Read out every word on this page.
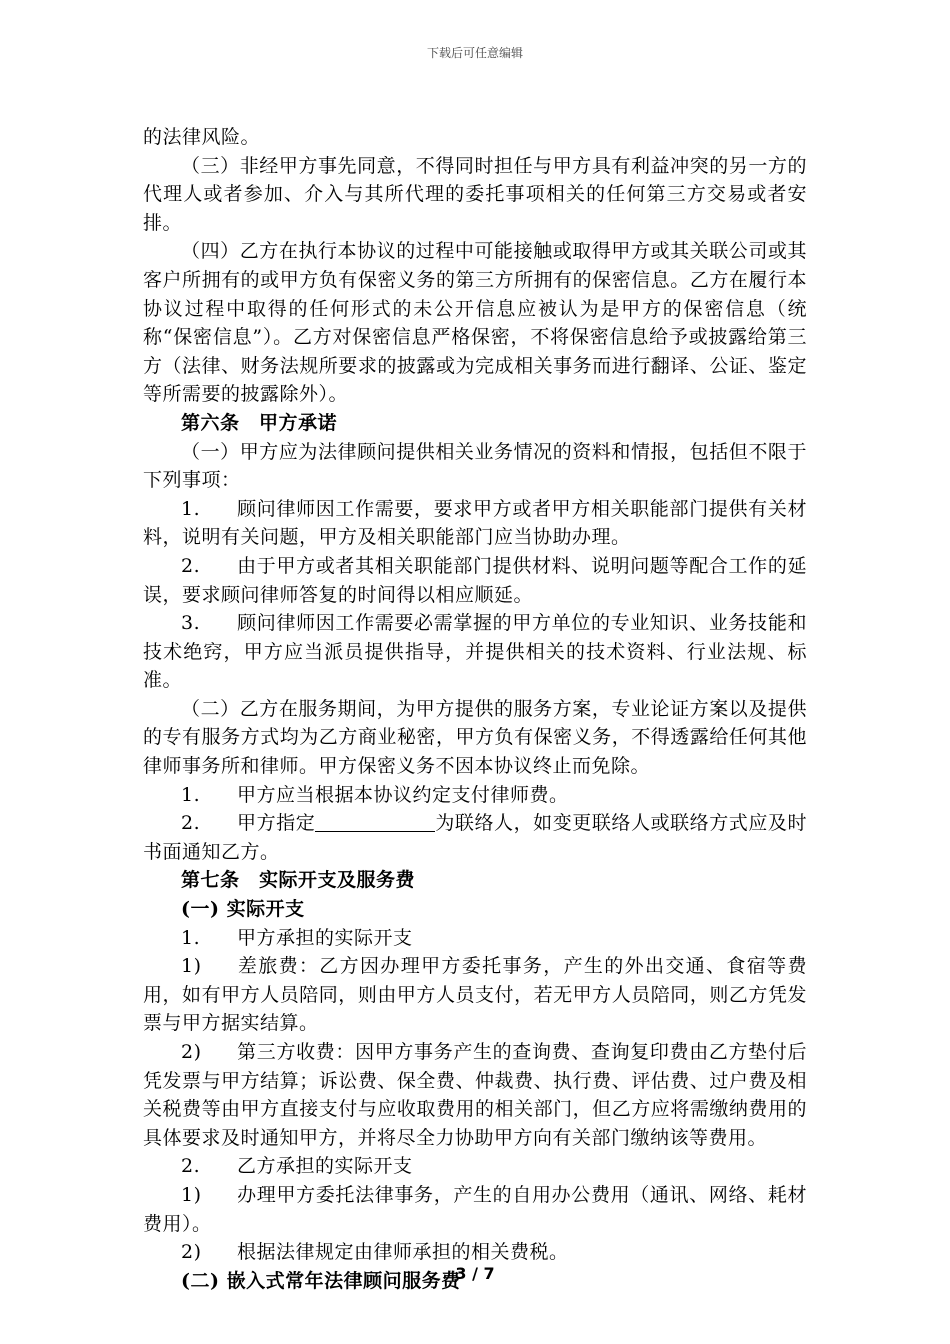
下载后可任意编辑

的法律风险。

（三）非经甲方事先同意，不得同时担任与甲方具有利益冲突的另一方的代理人或者参加、介入与其所代理的委托事项相关的任何第三方交易或者安排。

（四）乙方在执行本协议的过程中可能接触或取得甲方或其关联公司或其客户所拥有的或甲方负有保密义务的第三方所拥有的保密信息。乙方在履行本协议过程中取得的任何形式的未公开信息应被认为是甲方的保密信息（统称“保密信息”）。乙方对保密信息严格保密，不将保密信息给予或披露给第三方（法律、财务法规所要求的披露或为完成相关事务而进行翻译、公证、鉴定等所需要的披露除外）。

第六条　甲方承诺

（一）甲方应为法律顾问提供相关业务情况的资料和情报，包括但不限于下列事项：

1. 顾问律师因工作需要，要求甲方或者甲方相关职能部门提供有关材料，说明有关问题，甲方及相关职能部门应当协助办理。

2. 由于甲方或者其相关职能部门提供材料、说明问题等配合工作的延误，要求顾问律师答复的时间得以相应顺延。

3. 顾问律师因工作需要必需掌握的甲方单位的专业知识、业务技能和技术绝窍，甲方应当派员提供指导，并提供相关的技术资料、行业法规、标准。

（二）乙方在服务期间，为甲方提供的服务方案，专业论证方案以及提供的专有服务方式均为乙方商业秘密，甲方负有保密义务，不得透露给任何其他律师事务所和律师。甲方保密义务不因本协议终止而免除。

1. 甲方应当根据本协议约定支付律师费。

2. 甲方指定	为联络人，如变更联络人或联络方式应及时书面通知乙方。

第七条　实际开支及服务费

(一) 实际开支

1. 甲方承担的实际开支

1) 差旅费：乙方因办理甲方委托事务，产生的外出交通、食宿等费用，如有甲方人员陪同，则由甲方人员支付，若无甲方人员陪同，则乙方凭发票与甲方据实结算。

2) 第三方收费：因甲方事务产生的查询费、查询复印费由乙方垫付后凭发票与甲方结算；诉讼费、保全费、仲裁费、执行费、评估费、过户费及相关税费等由甲方直接支付与应收取费用的相关部门，但乙方应将需缴纳费用的具体要求及时通知甲方，并将尽全力协助甲方向有关部门缴纳该等费用。

2. 乙方承担的实际开支

1) 办理甲方委托法律事务，产生的自用办公费用（通讯、网络、耗材费用）。

2) 根据法律规定由律师承担的相关费税。

(二) 嵌入式常年法律顾问服务费

3 / 7
